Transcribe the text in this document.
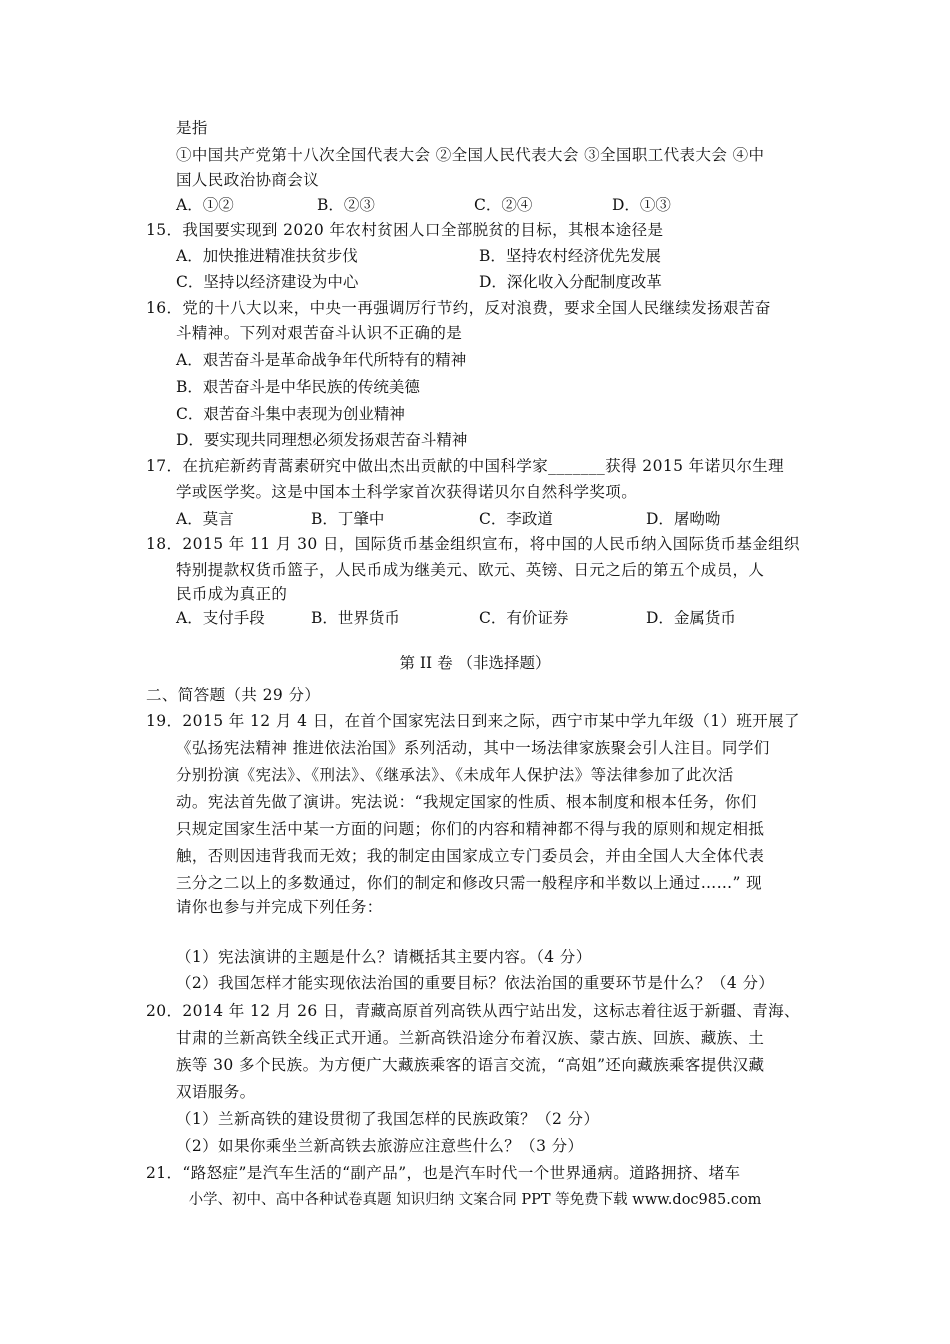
是指
①中国共产党第十八次全国代表大会 ②全国人民代表大会 ③全国职工代表大会 ④中
国人民政治协商会议
A．①②	B．②③	C．②④	D．①③
15．我国要实现到 2020 年农村贫困人口全部脱贫的目标，其根本途径是
A．加快推进精准扶贫步伐	B．坚持农村经济优先发展
C．坚持以经济建设为中心	D．深化收入分配制度改革
16．党的十八大以来，中央一再强调厉行节约，反对浪费，要求全国人民继续发扬艰苦奋
斗精神。下列对艰苦奋斗认识不正确的是
A．艰苦奋斗是革命战争年代所特有的精神
B．艰苦奋斗是中华民族的传统美德
C．艰苦奋斗集中表现为创业精神
D．要实现共同理想必须发扬艰苦奋斗精神
17．在抗疟新药青蒿素研究中做出杰出贡献的中国科学家_______获得 2015 年诺贝尔生理
学或医学奖。这是中国本土科学家首次获得诺贝尔自然科学奖项。
A．莫言	B．丁肇中	C．李政道	D．屠呦呦
18．2015 年 11 月 30 日，国际货币基金组织宣布，将中国的人民币纳入国际货币基金组织
特别提款权货币篮子，人民币成为继美元、欧元、英镑、日元之后的第五个成员，人
民币成为真正的
A．支付手段	B．世界货币	C．有价证券	D．金属货币
第 II 卷 （非选择题）
二、简答题（共 29 分）
19．2015 年 12 月 4 日，在首个国家宪法日到来之际，西宁市某中学九年级（1）班开展了
《弘扬宪法精神 推进依法治国》系列活动，其中一场法律家族聚会引人注目。同学们
分别扮演《宪法》、《刑法》、《继承法》、《未成年人保护法》等法律参加了此次活
动。宪法首先做了演讲。宪法说：“我规定国家的性质、根本制度和根本任务，你们
只规定国家生活中某一方面的问题；你们的内容和精神都不得与我的原则和规定相抵
触，否则因违背我而无效；我的制定由国家成立专门委员会，并由全国人大全体代表
三分之二以上的多数通过，你们的制定和修改只需一般程序和半数以上通过……” 现
请你也参与并完成下列任务：
（1）宪法演讲的主题是什么？请概括其主要内容。（4 分）
（2）我国怎样才能实现依法治国的重要目标？依法治国的重要环节是什么？（4 分）
20．2014 年 12 月 26 日，青藏高原首列高铁从西宁站出发，这标志着往返于新疆、青海、
甘肃的兰新高铁全线正式开通。兰新高铁沿途分布着汉族、蒙古族、回族、藏族、土
族等 30 多个民族。为方便广大藏族乘客的语言交流，“高姐”还向藏族乘客提供汉藏
双语服务。
（1）兰新高铁的建设贯彻了我国怎样的民族政策？（2 分）
（2）如果你乘坐兰新高铁去旅游应注意些什么？（3 分）
21．“路怒症”是汽车生活的“副产品”，也是汽车时代一个世界通病。道路拥挤、堵车
小学、初中、高中各种试卷真题 知识归纳 文案合同 PPT 等免费下载 www.doc985.com
